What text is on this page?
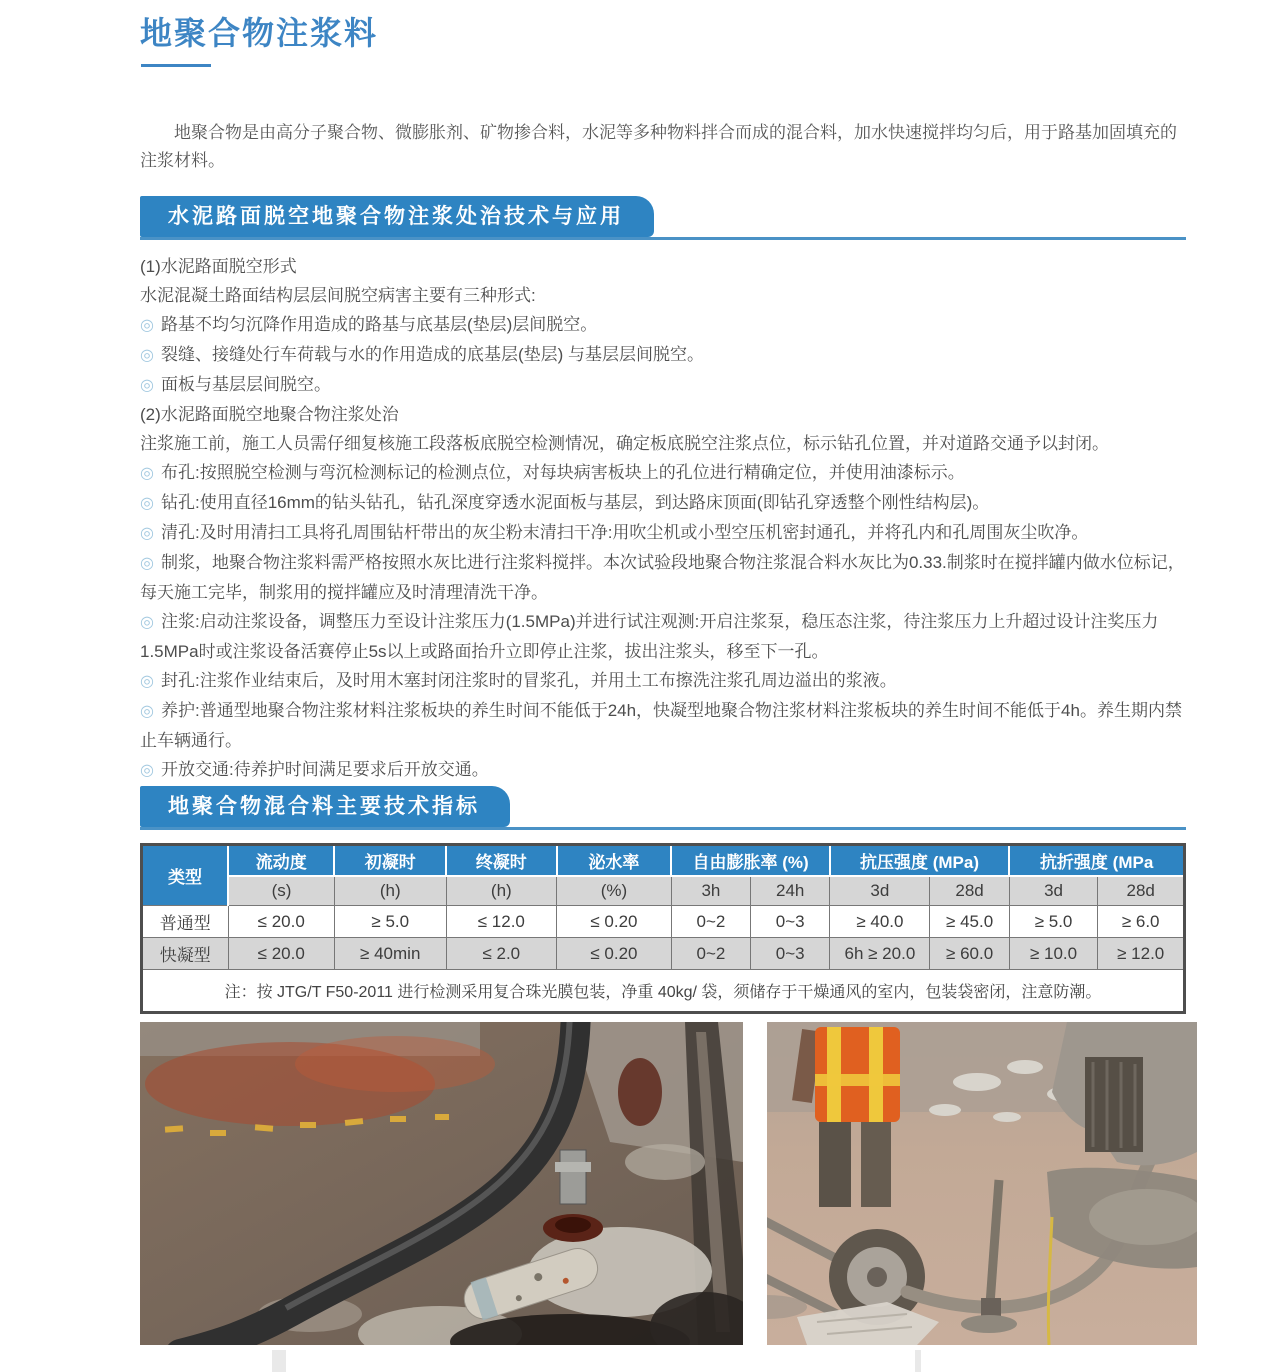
地聚合物注浆料

地聚合物是由高分子聚合物、微膨胀剂、矿物掺合料，水泥等多种物料拌合而成的混合料，加水快速搅拌均匀后，用于路基加固填充的注浆材料。

水泥路面脱空地聚合物注浆处治技术与应用

(1)水泥路面脱空形式

水泥混凝土路面结构层层间脱空病害主要有三种形式:

◎ 路基不均匀沉降作用造成的路基与底基层(垫层)层间脱空。

◎ 裂缝、接缝处行车荷载与水的作用造成的底基层(垫层) 与基层层间脱空。

◎ 面板与基层层间脱空。

(2)水泥路面脱空地聚合物注浆处治

注浆施工前，施工人员需仔细复核施工段落板底脱空检测情况，确定板底脱空注浆点位，标示钻孔位置，并对道路交通予以封闭。

◎ 布孔:按照脱空检测与弯沉检测标记的检测点位，对每块病害板块上的孔位进行精确定位，并使用油漆标示。

◎ 钻孔:使用直径16mm的钻头钻孔，钻孔深度穿透水泥面板与基层，到达路床顶面(即钻孔穿透整个刚性结构层)。

◎ 清孔:及时用清扫工具将孔周围钻杆带出的灰尘粉末清扫干净:用吹尘机或小型空压机密封通孔，并将孔内和孔周围灰尘吹净。

◎ 制浆，地聚合物注浆料需严格按照水灰比进行注浆料搅拌。本次试验段地聚合物注浆混合料水灰比为0.33.制浆时在搅拌罐内做水位标记，每天施工完毕，制浆用的搅拌罐应及时清理清洗干净。

◎ 注浆:启动注浆设备，调整压力至设计注浆压力(1.5MPa)并进行试注观测:开启注浆泵，稳压态注浆，待注浆压力上升超过设计注奖压力1.5MPa时或注浆设备活赛停止5s以上或路面抬升立即停止注浆，拔出注浆头，移至下一孔。

◎ 封孔:注浆作业结束后，及时用木塞封闭注浆时的冒浆孔，并用土工布擦洗注浆孔周边溢出的浆液。

◎ 养护:普通型地聚合物注浆材料注浆板块的养生时间不能低于24h，快凝型地聚合物注浆材料注浆板块的养生时间不能低于4h。养生期内禁止车辆通行。

◎ 开放交通:待养护时间满足要求后开放交通。

地聚合物混合料主要技术指标
类型	流动度	初凝时	终凝时	泌水率	自由膨胀率 (%)		抗压强度 (MPa)		抗折强度 (MPa	
	(s)	(h)	(h)	(%)	3h	24h	3d	28d	3d	28d
普通型	≤ 20.0	≥ 5.0	≤ 12.0	≤ 0.20	0~2	0~3	≥ 40.0	≥ 45.0	≥ 5.0	≥ 6.0
快凝型	≤ 20.0	≥ 40min	≤ 2.0	≤ 0.20	0~2	0~3	6h ≥ 20.0	≥ 60.0	≥ 10.0	≥ 12.0
注：按 JTG/T F50-2011 进行检测采用复合珠光膜包装，净重 40kg/ 袋，须储存于干燥通风的室内，包装袋密闭，注意防潮。										
